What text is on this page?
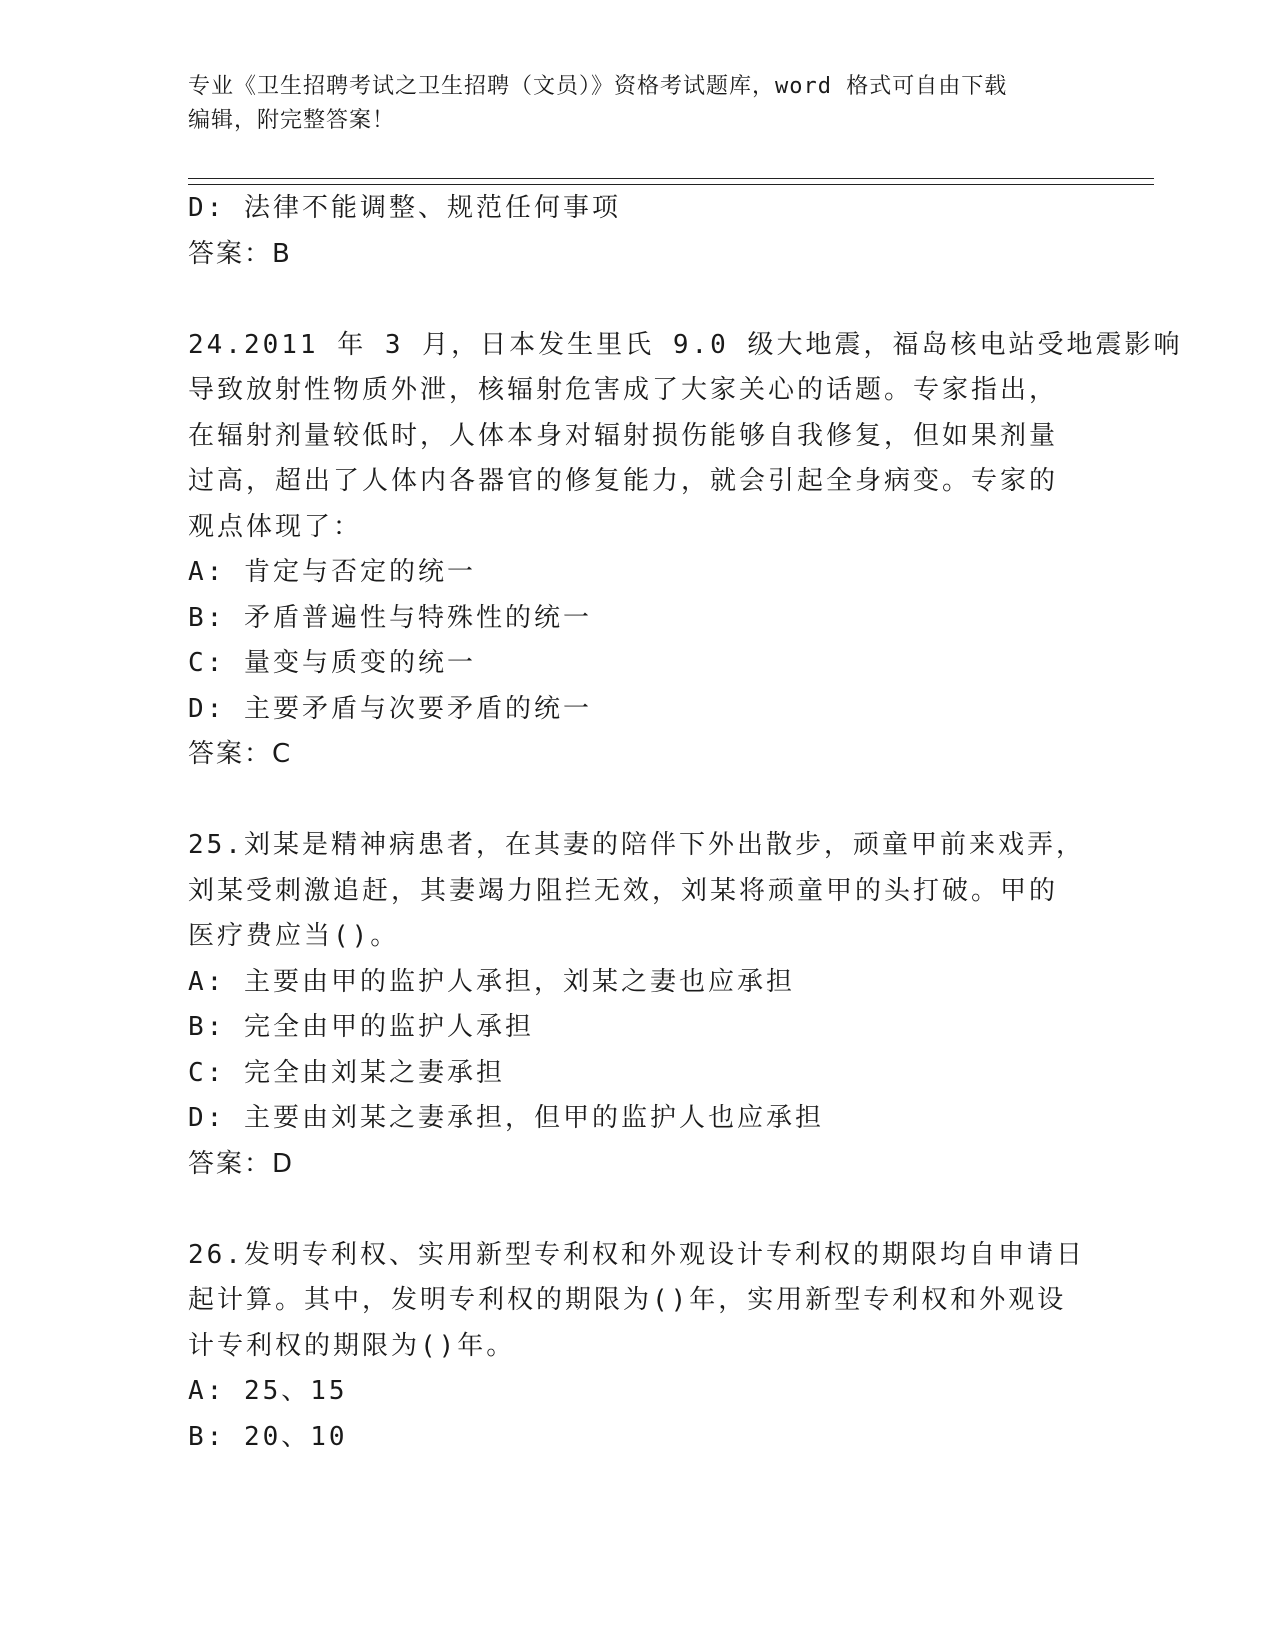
专业《卫生招聘考试之卫生招聘（文员）》资格考试题库，word 格式可自由下载
编辑，附完整答案！
D: 法律不能调整、规范任何事项
答案：B
24.2011 年 3 月，日本发生里氏 9.0 级大地震，福岛核电站受地震影响
导致放射性物质外泄，核辐射危害成了大家关心的话题。专家指出，
在辐射剂量较低时，人体本身对辐射损伤能够自我修复，但如果剂量
过高，超出了人体内各器官的修复能力，就会引起全身病变。专家的
观点体现了：
A: 肯定与否定的统一
B: 矛盾普遍性与特殊性的统一
C: 量变与质变的统一
D: 主要矛盾与次要矛盾的统一
答案：C
25.刘某是精神病患者，在其妻的陪伴下外出散步，顽童甲前来戏弄，
刘某受刺激追赶，其妻竭力阻拦无效，刘某将顽童甲的头打破。甲的
医疗费应当()。
A: 主要由甲的监护人承担，刘某之妻也应承担
B: 完全由甲的监护人承担
C: 完全由刘某之妻承担
D: 主要由刘某之妻承担，但甲的监护人也应承担
答案：D
26.发明专利权、实用新型专利权和外观设计专利权的期限均自申请日
起计算。其中，发明专利权的期限为()年，实用新型专利权和外观设
计专利权的期限为()年。
A: 25、15
B: 20、10
